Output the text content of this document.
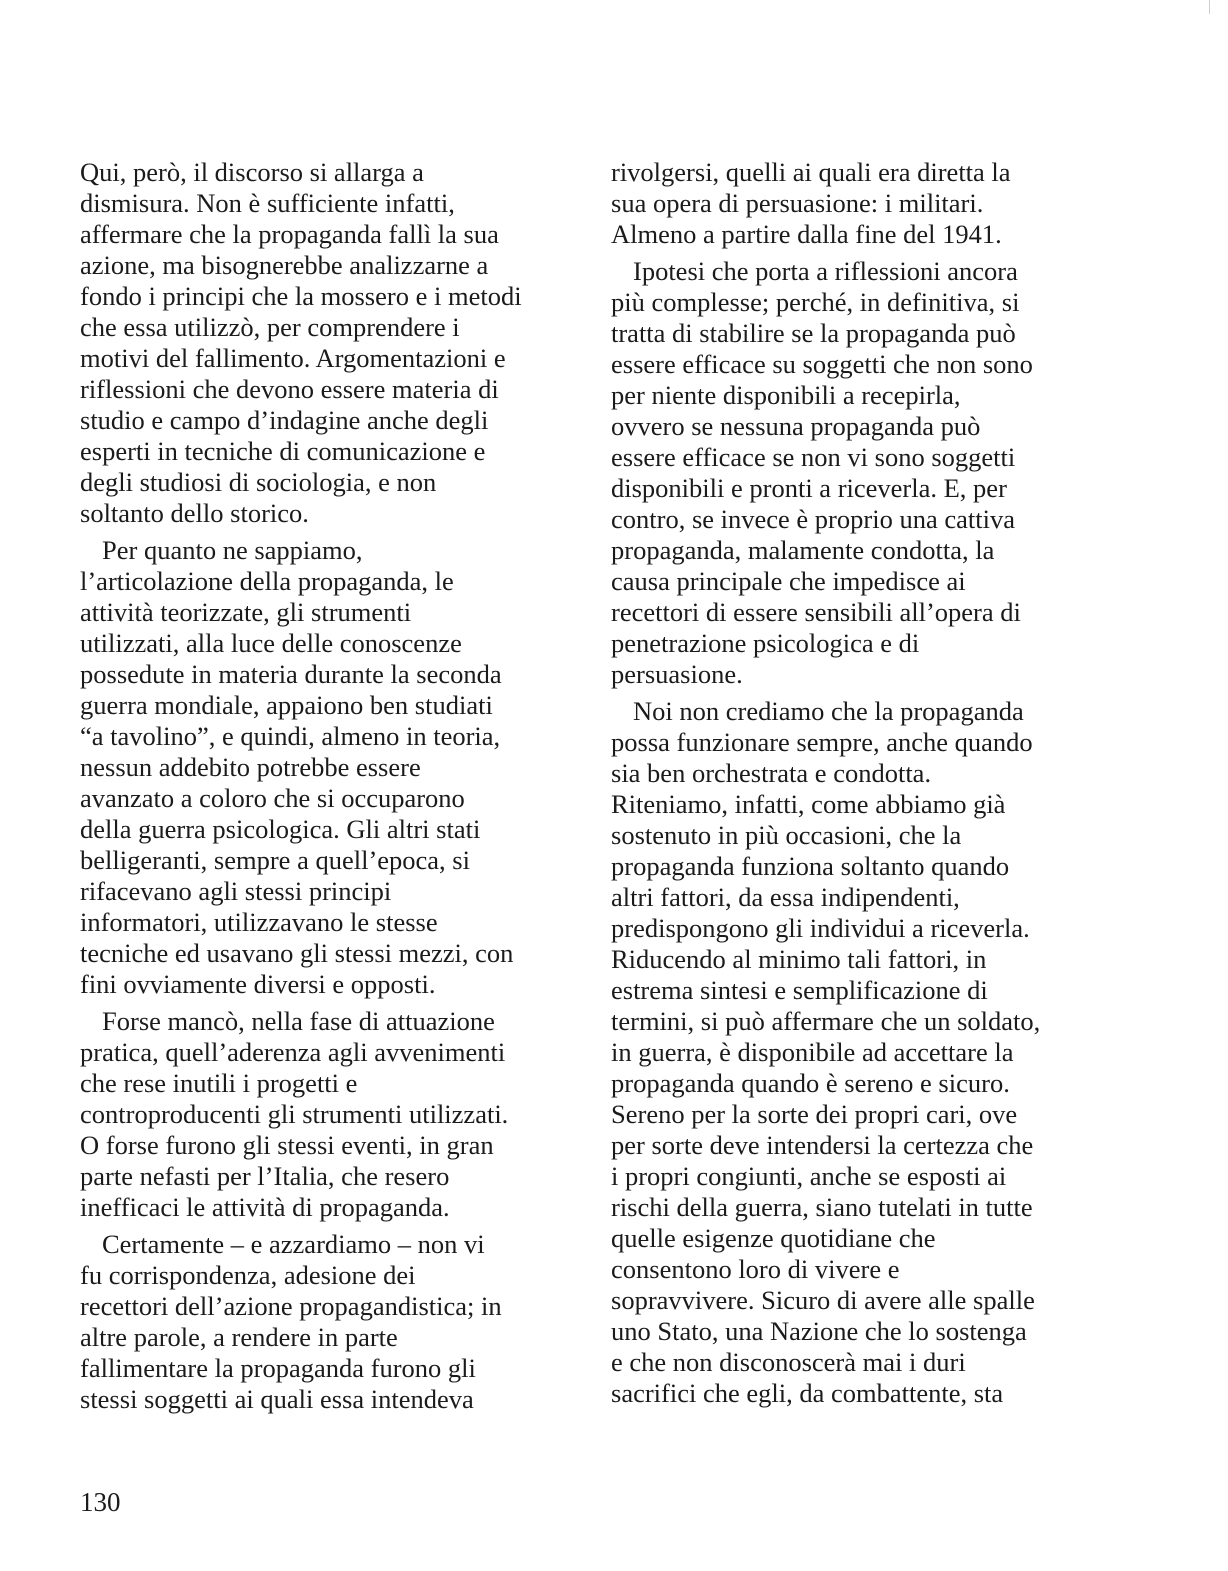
Qui, però, il discorso si allarga a
dismisura. Non è sufficiente infatti,
affermare che la propaganda fallì la sua
azione, ma bisognerebbe analizzarne a
fondo i principi che la mossero e i metodi
che essa utilizzò, per comprendere i
motivi del fallimento. Argomentazioni e
riflessioni che devono essere materia di
studio e campo d’indagine anche degli
esperti in tecniche di comunicazione e
degli studiosi di sociologia, e non
soltanto dello storico.

Per quanto ne sappiamo,
l’articolazione della propaganda, le
attività teorizzate, gli strumenti
utilizzati, alla luce delle conoscenze
possedute in materia durante la seconda
guerra mondiale, appaiono ben studiati
“a tavolino”, e quindi, almeno in teoria,
nessun addebito potrebbe essere
avanzato a coloro che si occuparono
della guerra psicologica. Gli altri stati
belligeranti, sempre a quell’epoca, si
rifacevano agli stessi principi
informatori, utilizzavano le stesse
tecniche ed usavano gli stessi mezzi, con
fini ovviamente diversi e opposti.

Forse mancò, nella fase di attuazione
pratica, quell’aderenza agli avvenimenti
che rese inutili i progetti e
controproducenti gli strumenti utilizzati.
O forse furono gli stessi eventi, in gran
parte nefasti per l’Italia, che resero
inefficaci le attività di propaganda.

Certamente – e azzardiamo – non vi
fu corrispondenza, adesione dei
recettori dell’azione propagandistica; in
altre parole, a rendere in parte
fallimentare la propaganda furono gli
stessi soggetti ai quali essa intendeva

rivolgersi, quelli ai quali era diretta la
sua opera di persuasione: i militari.
Almeno a partire dalla fine del 1941.

Ipotesi che porta a riflessioni ancora
più complesse; perché, in definitiva, si
tratta di stabilire se la propaganda può
essere efficace su soggetti che non sono
per niente disponibili a recepirla,
ovvero se nessuna propaganda può
essere efficace se non vi sono soggetti
disponibili e pronti a riceverla. E, per
contro, se invece è proprio una cattiva
propaganda, malamente condotta, la
causa principale che impedisce ai
recettori di essere sensibili all’opera di
penetrazione psicologica e di
persuasione.

Noi non crediamo che la propaganda
possa funzionare sempre, anche quando
sia ben orchestrata e condotta.
Riteniamo, infatti, come abbiamo già
sostenuto in più occasioni, che la
propaganda funziona soltanto quando
altri fattori, da essa indipendenti,
predispongono gli individui a riceverla.
Riducendo al minimo tali fattori, in
estrema sintesi e semplificazione di
termini, si può affermare che un soldato,
in guerra, è disponibile ad accettare la
propaganda quando è sereno e sicuro.
Sereno per la sorte dei propri cari, ove
per sorte deve intendersi la certezza che
i propri congiunti, anche se esposti ai
rischi della guerra, siano tutelati in tutte
quelle esigenze quotidiane che
consentono loro di vivere e
sopravvivere. Sicuro di avere alle spalle
uno Stato, una Nazione che lo sostenga
e che non disconoscerà mai i duri
sacrifici che egli, da combattente, sta

130
